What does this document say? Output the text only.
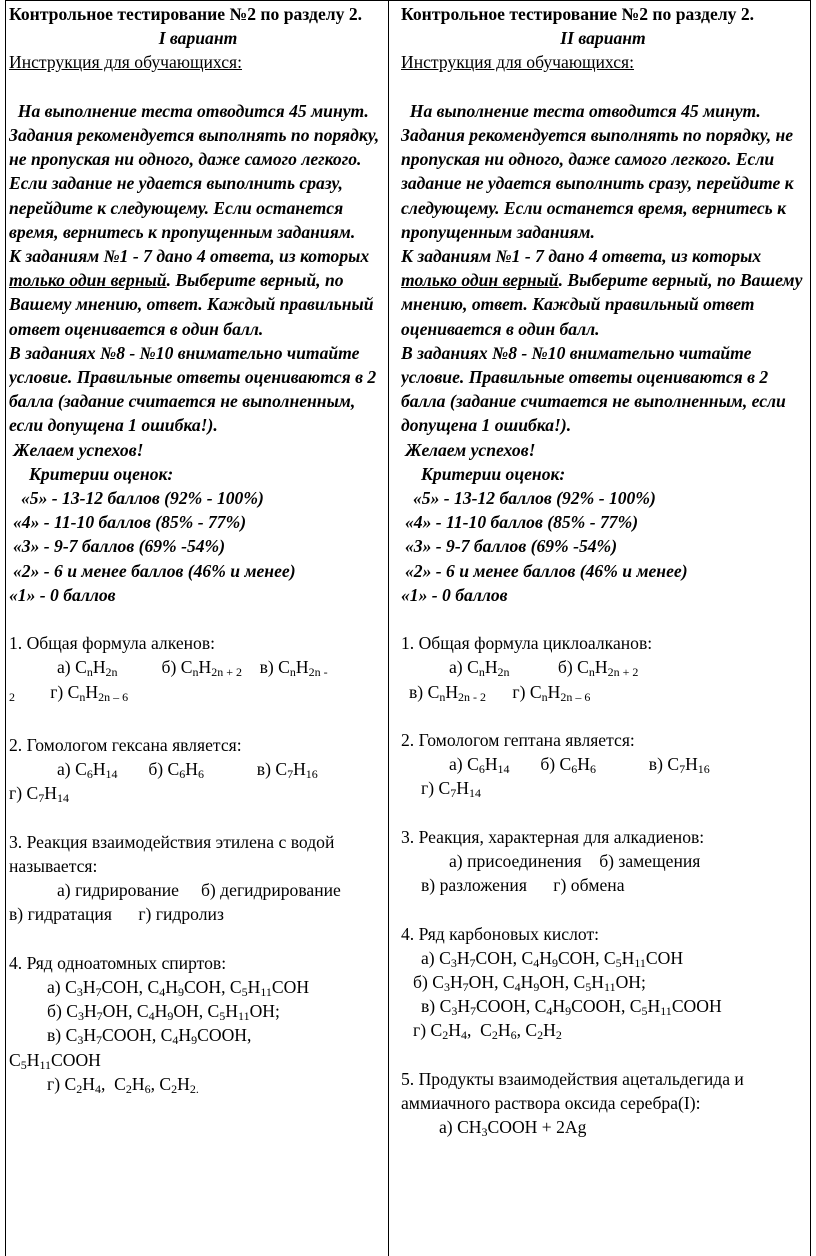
Контрольное тестирование №2 по разделу 2.
I вариант
Инструкция для обучающихся:
На выполнение теста отводится 45 минут.
Задания рекомендуется выполнять по порядку, не пропуская ни одного, даже самого легкого. Если задание не удается выполнить сразу, перейдите к следующему. Если останется время, вернитесь к пропущенным заданиям.
К заданиям №1 - 7 дано 4 ответа, из которых только один верный. Выберите верный, по Вашему мнению, ответ. Каждый правильный ответ оценивается в один балл.
В заданиях №8 - №10 внимательно читайте условие. Правильные ответы оцениваются в 2 балла (задание считается не выполненным, если допущена 1 ошибка!).
Желаем успехов!
Критерии оценок:
«5» - 13-12 баллов (92% - 100%)
«4» - 11-10 баллов (85% - 77%)
«3» - 9-7 баллов (69% -54%)
«2» - 6 и менее баллов (46% и менее)
«1» - 0 баллов
1. Общая формула алкенов:
а) $C_nH_{2n}$          б) $C_nH_{2n + 2}$    в) $C_nH_{2n -}$
2        г) $C_nH_{2n - 6}$
2. Гомологом гексана является:
а) $C_6H_{14}$       б) $C_6H_6$            в) $C_7H_{16}$
г) $C_7H_{14}$
3. Реакция взаимодействия этилена с водой называется:
а) гидрирование     б) дегидрирование
в) гидратация      г) гидролиз
4. Ряд одноатомных спиртов:
а) $C_3H_7COH$, $C_4H_9COH$, $C_5H_{11}COH$
б) $C_3H_7OH$, $C_4H_9OH$, $C_5H_{11}OH$;
в) $C_3H_7COOH$, $C_4H_9COOH$,
$C_5H_{11}COOH$
г) $C_2H_4$,  $C_2H_6$, $C_2H_{2.}$
Контрольное тестирование №2 по разделу 2.
II вариант
Инструкция для обучающихся:
На выполнение теста отводится 45 минут.
Задания рекомендуется выполнять по порядку, не пропуская ни одного, даже самого легкого. Если задание не удается выполнить сразу, перейдите к следующему. Если останется время, вернитесь к пропущенным заданиям.
К заданиям №1 - 7 дано 4 ответа, из которых только один верный. Выберите верный, по Вашему мнению, ответ. Каждый правильный ответ оценивается в один балл.
В заданиях №8 - №10 внимательно читайте условие. Правильные ответы оцениваются в 2 балла (задание считается не выполненным, если допущена 1 ошибка!).
Желаем успехов!
Критерии оценок:
«5» - 13-12 баллов (92% - 100%)
«4» - 11-10 баллов (85% - 77%)
«3» - 9-7 баллов (69% -54%)
«2» - 6 и менее баллов (46% и менее)
«1» - 0 баллов
1. Общая формула циклоалканов:
а) $C_nH_{2n}$           б) $C_nH_{2n + 2}$
в) $C_nH_{2n - 2}$      г) $C_nH_{2n - 6}$
2. Гомологом гептана является:
а) $C_6H_{14}$       б) $C_6H_6$            в) $C_7H_{16}$
г) $C_7H_{14}$
3. Реакция, характерная для алкадиенов:
а) присоединения    б) замещения
в) разложения      г) обмена
4. Ряд карбоновых кислот:
а) $C_3H_7COH$, $C_4H_9COH$, $C_5H_{11}COH$
б) $C_3H_7OH$, $C_4H_9OH$, $C_5H_{11}OH$;
в) $C_3H_7COOH$, $C_4H_9COOH$, $C_5H_{11}COOH$
г) $C_2H_4$,  $C_2H_6$, $C_2H_2$
5. Продукты взаимодействия ацетальдегида и аммиачного раствора оксида серебра(I):
а) $CH_3COOH + 2Ag$
